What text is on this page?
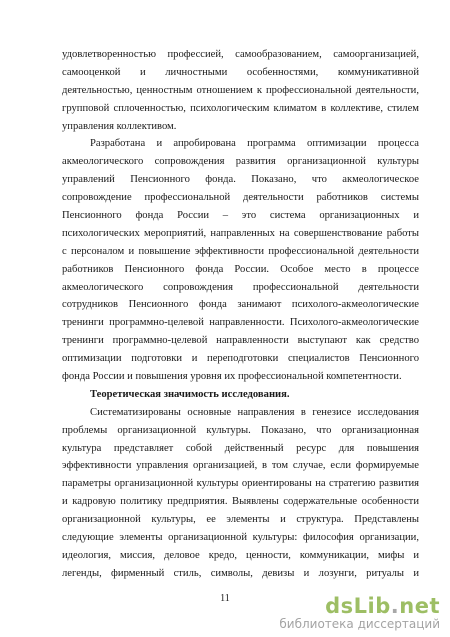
удовлетворенностью профессией, самообразованием, самоорганизацией,
самооценкой и личностными особенностями, коммуникативной
деятельностью, ценностным отношением к профессиональной деятельности,
групповой сплоченностью, психологическим климатом в коллективе, стилем
управления коллективом.
Разработана и апробирована программа оптимизации процесса
акмеологического сопровождения развития организационной культуры
управлений Пенсионного фонда. Показано, что акмеологическое
сопровождение профессиональной деятельности работников системы
Пенсионного фонда России – это система организационных и
психологических мероприятий, направленных на совершенствование работы
с персоналом и повышение эффективности профессиональной деятельности
работников Пенсионного фонда России. Особое место в процессе
акмеологического сопровождения профессиональной деятельности
сотрудников Пенсионного фонда занимают психолого-акмеологические
тренинги программно-целевой направленности. Психолого-акмеологические
тренинги программно-целевой направленности выступают как средство
оптимизации подготовки и переподготовки специалистов Пенсионного
фонда России и повышения уровня их профессиональной компетентности.
Теоретическая значимость исследования.
Систематизированы основные направления в генезисе исследования
проблемы организационной культуры. Показано, что организационная
культура представляет собой действенный ресурс для повышения
эффективности управления организацией, в том случае, если формируемые
параметры организационной культуры ориентированы на стратегию развития
и кадровую политику предприятия. Выявлены содержательные особенности
организационной культуры, ее элементы и структура. Представлены
следующие элементы организационной культуры: философия организации,
идеология, миссия, деловое кредо, ценности, коммуникации, мифы и
легенды, фирменный стиль, символы, девизы и лозунги, ритуалы и
11	dsLib.net
библиотека диссертаций
